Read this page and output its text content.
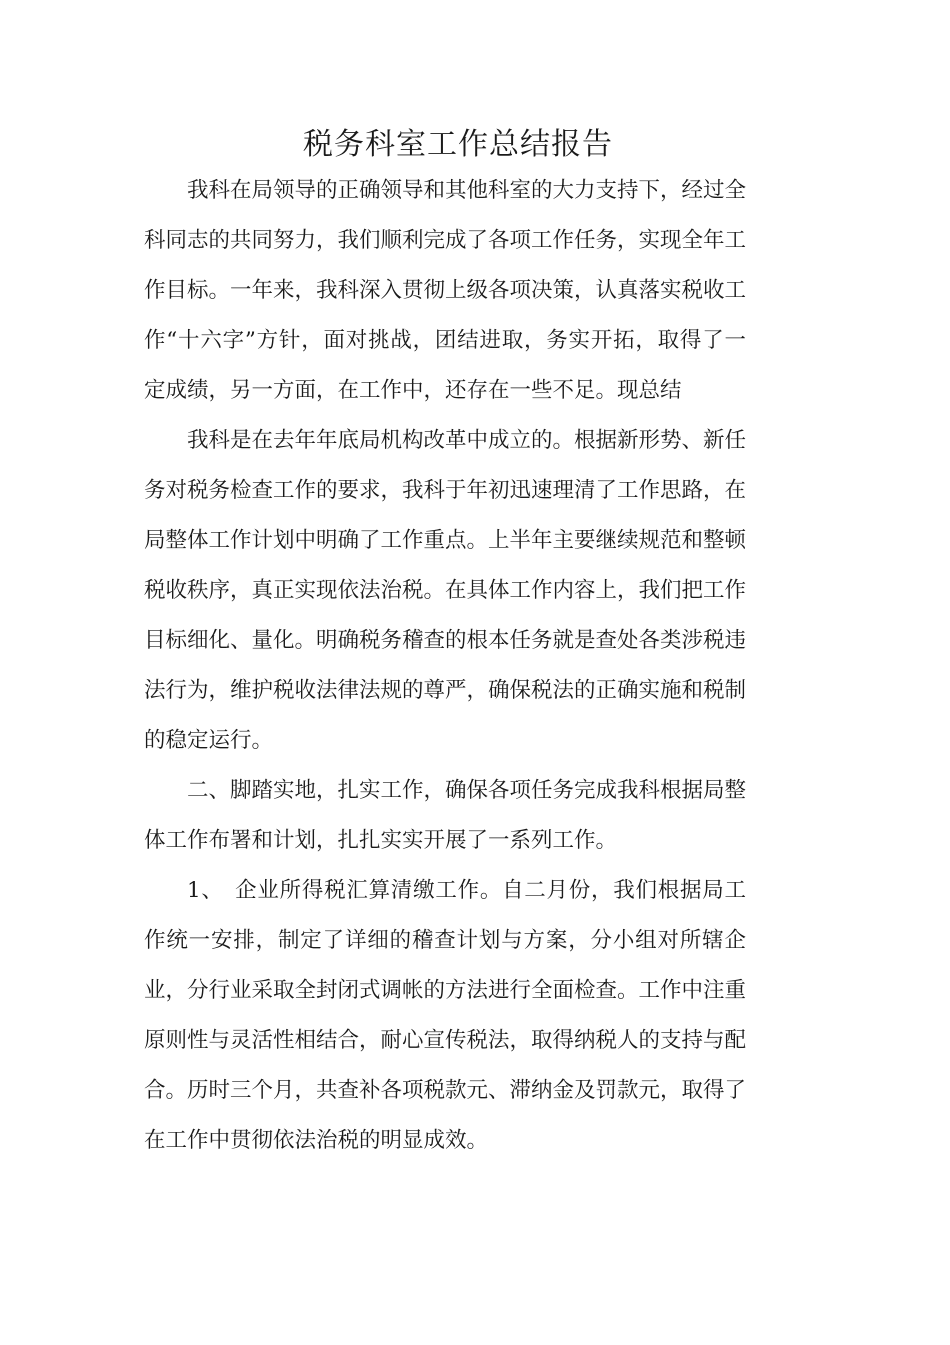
税务科室工作总结报告

我科在局领导的正确领导和其他科室的大力支持下，经过全科同志的共同努力，我们顺利完成了各项工作任务，实现全年工作目标。一年来，我科深入贯彻上级各项决策，认真落实税收工作“十六字”方针，面对挑战，团结进取，务实开拓，取得了一定成绩，另一方面，在工作中，还存在一些不足。现总结

我科是在去年年底局机构改革中成立的。根据新形势、新任务对税务检查工作的要求，我科于年初迅速理清了工作思路，在局整体工作计划中明确了工作重点。上半年主要继续规范和整顿税收秩序，真正实现依法治税。在具体工作内容上，我们把工作目标细化、量化。明确税务稽查的根本任务就是查处各类涉税违法行为，维护税收法律法规的尊严，确保税法的正确实施和税制的稳定运行。

二、脚踏实地，扎实工作，确保各项任务完成我科根据局整体工作布署和计划，扎扎实实开展了一系列工作。

1、　企业所得税汇算清缴工作。自二月份，我们根据局工作统一安排，制定了详细的稽查计划与方案，分小组对所辖企业，分行业采取全封闭式调帐的方法进行全面检查。工作中注重原则性与灵活性相结合，耐心宣传税法，取得纳税人的支持与配合。历时三个月，共查补各项税款元、滞纳金及罚款元，取得了在工作中贯彻依法治税的明显成效。
